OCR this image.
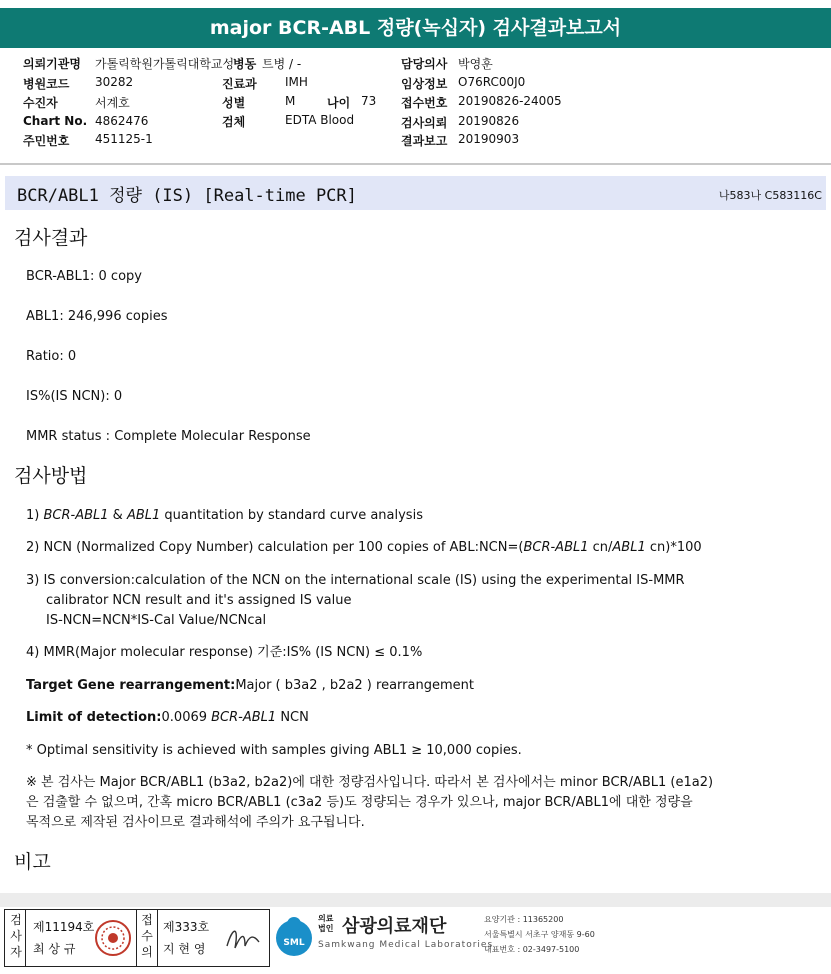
major BCR-ABL 정량(녹십자) 검사결과보고서
의뢰기관명 가톨릭학원가톨릭대학교성
병동 트병 / -	담당의사 박영훈
병원코드 30282	진료과 IMH	임상정보 O76RC00J0
수진자	서계호	성별	M	나이 73 접수번호 20190826-24005
Chart No. 4862476	검체	EDTA Blood	검사의뢰 20190826
주민번호 451125-1	결과보고 20190903
BCR/ABL1 정량 (IS) [Real-time PCR]	나583나 C583116C
검사결과
BCR-ABL1: 0 copy
ABL1: 246,996 copies
Ratio: 0
IS%(IS NCN): 0
MMR status : Complete Molecular Response
검사방법
1) BCR-ABL1 & ABL1 quantitation by standard curve analysis
2) NCN (Normalized Copy Number) calculation per 100 copies of ABL:NCN=(BCR-ABL1 cn/ABL1 cn)*100
3) IS conversion:calculation of the NCN on the international scale (IS) using the experimental IS-MMR
calibrator NCN result and it's assigned IS value
IS-NCN=NCN*IS-Cal Value/NCNcal
4) MMR(Major molecular response) 기준:IS% (IS NCN) ≤ 0.1%
Target Gene rearrangement:Major ( b3a2 , b2a2 ) rearrangement
Limit of detection:0.0069 BCR-ABL1 NCN
* Optimal sensitivity is achieved with samples giving ABL1 ≥ 10,000 copies.
※ 본 검사는 Major BCR/ABL1 (b3a2, b2a2)에 대한 정량검사입니다. 따라서 본 검사에서는 minor BCR/ABL1 (e1a2)
은 검출할 수 없으며, 간혹 micro BCR/ABL1 (c3a2 등)도 정량되는 경우가 있으나, major BCR/ABL1에 대한 정량을
목적으로 제작된 검사이므로 결과해석에 주의가 요구됩니다.
비고
검사자
제11194호
최 상 규
접수의
제333호
지 현 영	SML
의료
법인 삼광의료재단
Samkwang Medical Laboratories
요양기관 : 11365200
서울특별시 서초구 양재동 9-60
대표번호 : 02-3497-5100
